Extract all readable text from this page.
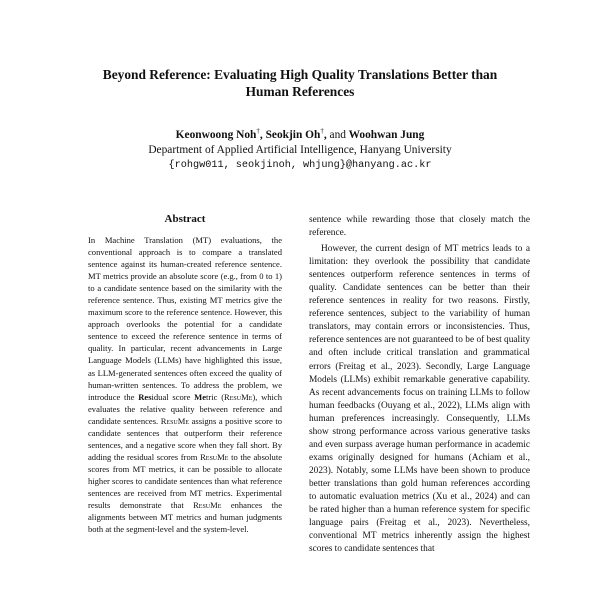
Beyond Reference: Evaluating High Quality Translations Better than
Human References
Keonwoong Noh†, Seokjin Oh†, and Woohwan Jung
Department of Applied Artificial Intelligence, Hanyang University
{rohgw011, seokjinoh, whjung}@hanyang.ac.kr
Abstract
In Machine Translation (MT) evaluations, the conventional approach is to compare a translated sentence against its human-created reference sentence. MT metrics provide an absolute score (e.g., from 0 to 1) to a candidate sentence based on the similarity with the reference sentence. Thus, existing MT metrics give the maximum score to the reference sentence. However, this approach overlooks the potential for a candidate sentence to exceed the reference sentence in terms of quality. In particular, recent advancements in Large Language Models (LLMs) have highlighted this issue, as LLM-generated sentences often exceed the quality of human-written sentences. To address the problem, we introduce the Residual score Metric (ResuMe), which evaluates the relative quality between reference and candidate sentences. ResuMe assigns a positive score to candidate sentences that outperform their reference sentences, and a negative score when they fall short. By adding the residual scores from ResuMe to the absolute scores from MT metrics, it can be possible to allocate higher scores to candidate sentences than what reference sentences are received from MT metrics. Experimental results demonstrate that ResuMe enhances the alignments between MT metrics and human judgments both at the segment-level and the system-level.

sentence while rewarding those that closely match the reference.

However, the current design of MT metrics leads to a limitation: they overlook the possibility that candidate sentences outperform reference sentences in terms of quality. Candidate sentences can be better than their reference sentences in reality for two reasons. Firstly, reference sentences, subject to the variability of human translators, may contain errors or inconsistencies. Thus, reference sentences are not guaranteed to be of best quality and often include critical translation and grammatical errors (Freitag et al., 2023). Secondly, Large Language Models (LLMs) exhibit remarkable generative capability. As recent advancements focus on training LLMs to follow human feedbacks (Ouyang et al., 2022), LLMs align with human preferences increasingly. Consequently, LLMs show strong performance across various generative tasks and even surpass average human performance in academic exams originally designed for humans (Achiam et al., 2023). Notably, some LLMs have been shown to produce better translations than gold human references according to automatic evaluation metrics (Xu et al., 2024) and can be rated higher than a human reference system for specific language pairs (Freitag et al., 2023). Nevertheless, conventional MT metrics inherently assign the highest scores to candidate sentences that
